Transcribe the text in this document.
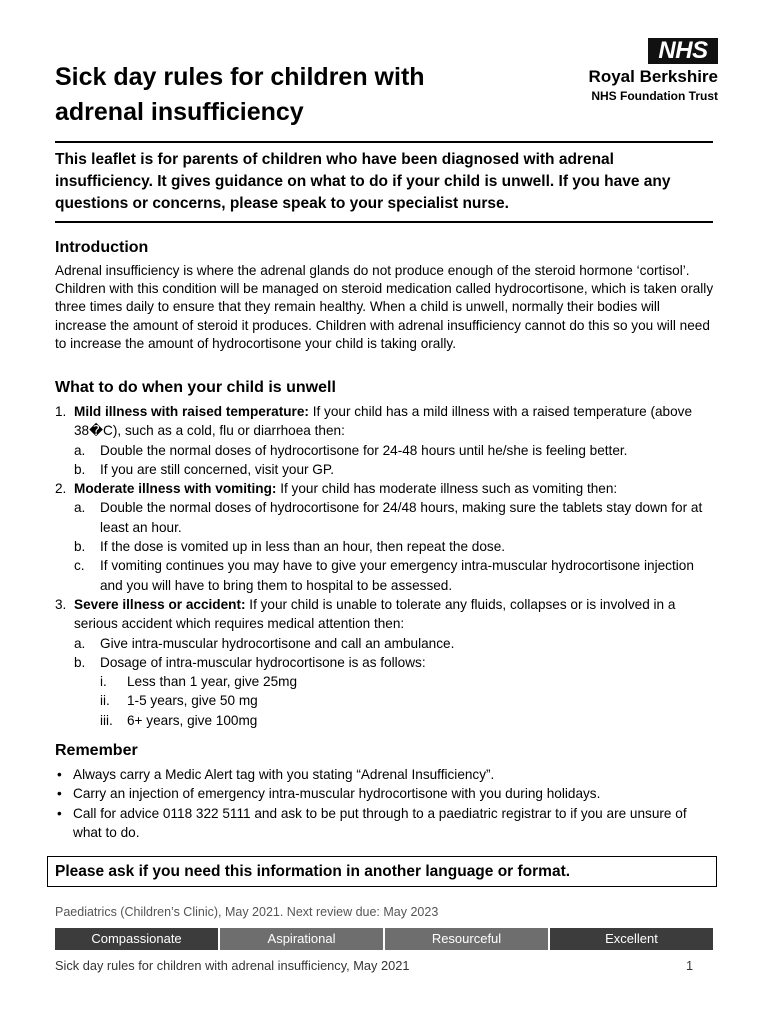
Sick day rules for children with
adrenal insufficiency
NHS
Royal Berkshire
NHS Foundation Trust
This leaflet is for parents of children who have been diagnosed with adrenal insufficiency. It gives guidance on what to do if your child is unwell. If you have any questions or concerns, please speak to your specialist nurse.
Introduction
Adrenal insufficiency is where the adrenal glands do not produce enough of the steroid hormone ‘cortisol’. Children with this condition will be managed on steroid medication called hydrocortisone, which is taken orally three times daily to ensure that they remain healthy. When a child is unwell, normally their bodies will increase the amount of steroid it produces. Children with adrenal insufficiency cannot do this so you will need to increase the amount of hydrocortisone your child is taking orally.
What to do when your child is unwell
1. Mild illness with raised temperature: If your child has a mild illness with a raised temperature (above 38�C), such as a cold, flu or diarrhoea then:
a. Double the normal doses of hydrocortisone for 24-48 hours until he/she is feeling better.
b. If you are still concerned, visit your GP.
2. Moderate illness with vomiting: If your child has moderate illness such as vomiting then:
a. Double the normal doses of hydrocortisone for 24/48 hours, making sure the tablets stay down for at least an hour.
b. If the dose is vomited up in less than an hour, then repeat the dose.
c. If vomiting continues you may have to give your emergency intra-muscular hydrocortisone injection and you will have to bring them to hospital to be assessed.
3. Severe illness or accident: If your child is unable to tolerate any fluids, collapses or is involved in a serious accident which requires medical attention then:
a. Give intra-muscular hydrocortisone and call an ambulance.
b. Dosage of intra-muscular hydrocortisone is as follows:
i. Less than 1 year, give 25mg
ii. 1-5 years, give 50 mg
iii. 6+ years, give 100mg
Remember
• Always carry a Medic Alert tag with you stating “Adrenal Insufficiency”.
• Carry an injection of emergency intra-muscular hydrocortisone with you during holidays.
• Call for advice 0118 322 5111 and ask to be put through to a paediatric registrar to if you are unsure of what to do.
Please ask if you need this information in another language or format.
Paediatrics (Children’s Clinic), May 2021. Next review due: May 2023
Compassionate	Aspirational	Resourceful	Excellent
Sick day rules for children with adrenal insufficiency, May 2021	1
